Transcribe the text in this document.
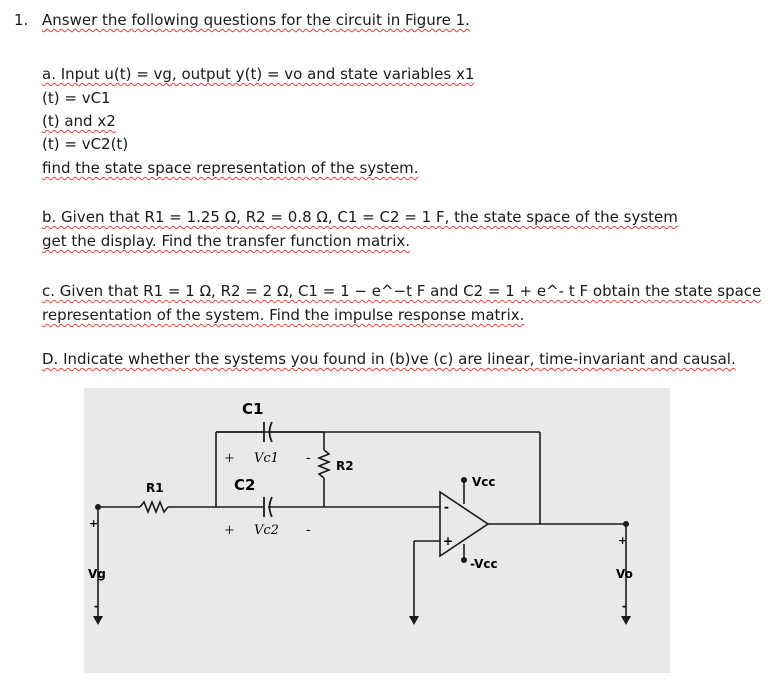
1. Answer the following questions for the circuit in Figure 1.
a. Input u(t) = vg, output y(t) = vo and state variables x1
(t) = vC1
(t) and x2
(t) = vC2(t)
find the state space representation of the system.
b. Given that R1 = 1.25 Ω, R2 = 0.8 Ω, C1 = C2 = 1 F, the state space of the system
get the display. Find the transfer function matrix.
c. Given that R1 = 1 Ω, R2 = 2 Ω, C1 = 1 − e^−t F and C2 = 1 + e^- t F obtain the state space
representation of the system. Find the impulse response matrix.
D. Indicate whether the systems you found in (b)ve (c) are linear, time-invariant and causal.
C1
C2
R1
R2
+ Vc1 -
+ Vc2 -
Vcc
-Vcc
-
+
+
Vg
-
+
Vo
-
